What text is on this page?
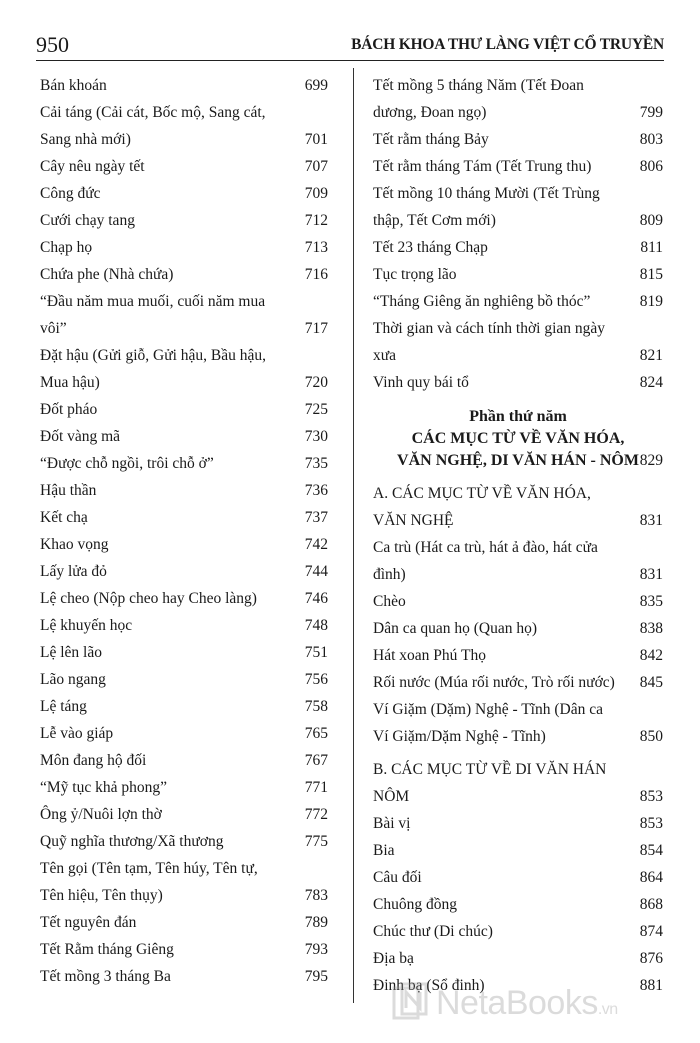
950	BÁCH KHOA THƯ LÀNG VIỆT CỔ TRUYỀN
Bán khoán	699
Cải táng (Cải cát, Bốc mộ, Sang cát, Sang nhà mới)	701
Cây nêu ngày tết	707
Công đức	709
Cưới chạy tang	712
Chạp họ	713
Chứa phe (Nhà chứa)	716
“Đầu năm mua muối, cuối năm mua vôi”	717
Đặt hậu (Gửi giỗ, Gửi hậu, Bầu hậu, Mua hậu)	720
Đốt pháo	725
Đốt vàng mã	730
“Được chỗ ngồi, trôi chỗ ở”	735
Hậu thần	736
Kết chạ	737
Khao vọng	742
Lấy lửa đỏ	744
Lệ cheo (Nộp cheo hay Cheo làng)	746
Lệ khuyến học	748
Lệ lên lão	751
Lão ngang	756
Lệ táng	758
Lễ vào giáp	765
Môn đang hộ đối	767
“Mỹ tục khả phong”	771
Ông ỷ/Nuôi lợn thờ	772
Quỹ nghĩa thương/Xã thương	775
Tên gọi (Tên tạm, Tên húy, Tên tự, Tên hiệu, Tên thụy)	783
Tết nguyên đán	789
Tết Rằm tháng Giêng	793
Tết mồng 3 tháng Ba	795
Tết mồng 5 tháng Năm (Tết Đoan dương, Đoan ngọ)	799
Tết rằm tháng Bảy	803
Tết rằm tháng Tám (Tết Trung thu)	806
Tết mồng 10 tháng Mười (Tết Trùng thập, Tết Cơm mới)	809
Tết 23 tháng Chạp	811
Tục trọng lão	815
“Tháng Giêng ăn nghiêng bồ thóc”	819
Thời gian và cách tính thời gian ngày xưa	821
Vinh quy bái tổ	824
Phần thứ năm
CÁC MỤC TỪ VỀ VĂN HÓA,
VĂN NGHỆ, DI VĂN HÁN - NÔM 829
A. CÁC MỤC TỪ VỀ VĂN HÓA, VĂN NGHỆ	831
Ca trù (Hát ca trù, hát ả đào, hát cửa đình)	831
Chèo	835
Dân ca quan họ (Quan họ)	838
Hát xoan Phú Thọ	842
Rối nước (Múa rối nước, Trò rối nước)	845
Ví Giặm (Dặm) Nghệ - Tĩnh (Dân ca Ví Giặm/Dặm Nghệ - Tĩnh)	850
B. CÁC MỤC TỪ VỀ DI VĂN HÁN NÔM	853
Bài vị	853
Bia	854
Câu đối	864
Chuông đồng	868
Chúc thư (Di chúc)	874
Địa bạ	876
Đinh bạ (Sổ đinh)	881
NetaBooks.vn
